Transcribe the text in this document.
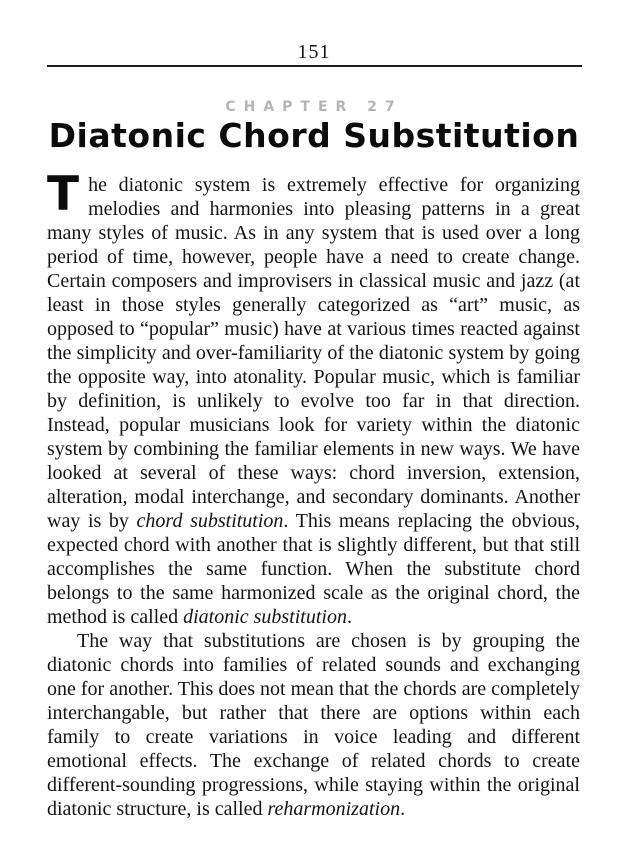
151
CHAPTER 27
Diatonic Chord Substitution

The diatonic system is extremely effective for organizing melodies and harmonies into pleasing patterns in a great many styles of music. As in any system that is used over a long period of time, however, people have a need to create change. Certain composers and improvisers in classical music and jazz (at least in those styles generally categorized as “art” music, as opposed to “popular” music) have at various times reacted against the simplicity and over-familiarity of the diatonic system by going the opposite way, into atonality. Popular music, which is familiar by definition, is unlikely to evolve too far in that direction. Instead, popular musicians look for variety within the diatonic system by combining the familiar elements in new ways. We have looked at several of these ways: chord inversion, extension, alteration, modal interchange, and secondary dominants. Another way is by chord substitution. This means replacing the obvious, expected chord with another that is slightly different, but that still accomplishes the same function. When the substitute chord belongs to the same harmonized scale as the original chord, the method is called diatonic substitution.

The way that substitutions are chosen is by grouping the diatonic chords into families of related sounds and exchanging one for another. This does not mean that the chords are completely interchangable, but rather that there are options within each family to create variations in voice leading and different emotional effects. The exchange of related chords to create different-sounding progressions, while staying within the original diatonic structure, is called reharmonization.
